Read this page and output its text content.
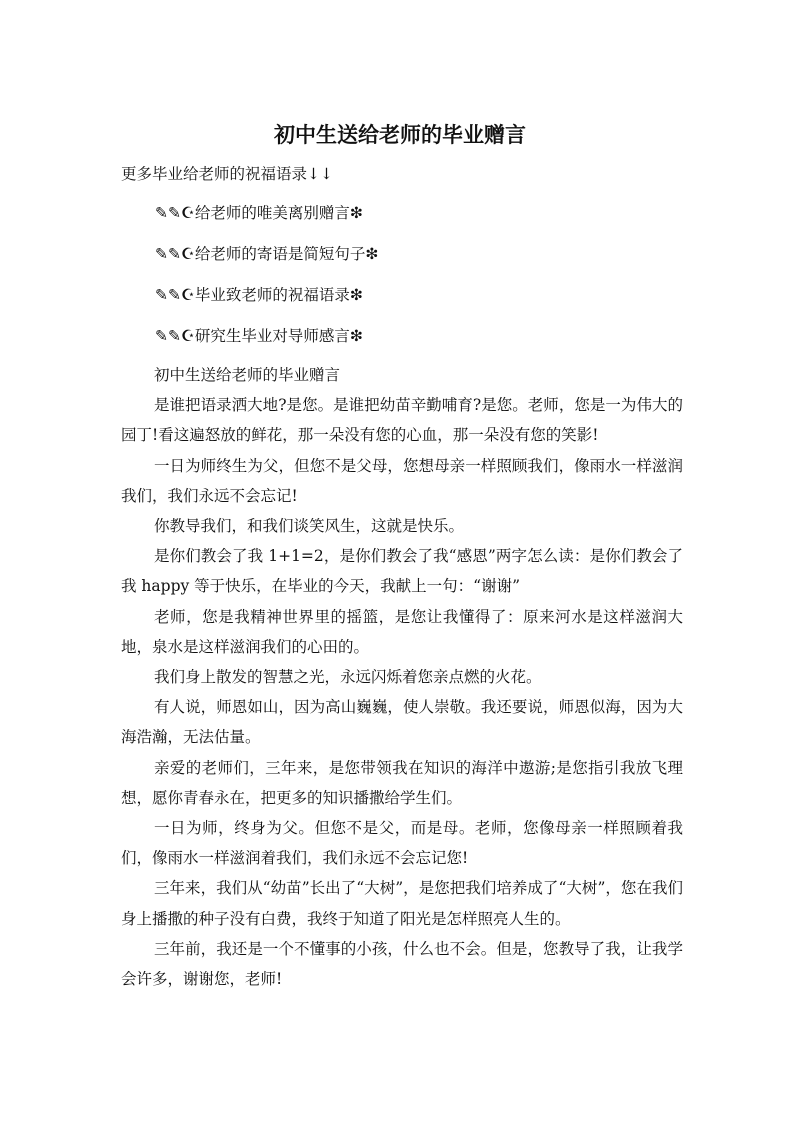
初中生送给老师的毕业赠言

更多毕业给老师的祝福语录↓↓

✎✎☪给老师的唯美离别赠言❇
✎✎☪给老师的寄语是简短句子❇
✎✎☪毕业致老师的祝福语录❇
✎✎☪研究生毕业对导师感言❇

初中生送给老师的毕业赠言

是谁把语录洒大地?是您。是谁把幼苗辛勤哺育?是您。老师，您是一为伟大的园丁!看这遍怒放的鲜花，那一朵没有您的心血，那一朵没有您的笑影!

一日为师终生为父，但您不是父母，您想母亲一样照顾我们，像雨水一样滋润我们，我们永远不会忘记!

你教导我们，和我们谈笑风生，这就是快乐。

是你们教会了我 1+1=2，是你们教会了我“感恩”两字怎么读：是你们教会了我 happy 等于快乐，在毕业的今天，我献上一句：“谢谢”

老师，您是我精神世界里的摇篮，是您让我懂得了：原来河水是这样滋润大地，泉水是这样滋润我们的心田的。

我们身上散发的智慧之光，永远闪烁着您亲点燃的火花。

有人说，师恩如山，因为高山巍巍，使人崇敬。我还要说，师恩似海，因为大海浩瀚，无法估量。

亲爱的老师们，三年来，是您带领我在知识的海洋中遨游;是您指引我放飞理想，愿你青春永在，把更多的知识播撒给学生们。

一日为师，终身为父。但您不是父，而是母。老师，您像母亲一样照顾着我们，像雨水一样滋润着我们，我们永远不会忘记您!

三年来，我们从“幼苗”长出了“大树”，是您把我们培养成了“大树”，您在我们身上播撒的种子没有白费，我终于知道了阳光是怎样照亮人生的。

三年前，我还是一个不懂事的小孩，什么也不会。但是，您教导了我，让我学会许多，谢谢您，老师!
